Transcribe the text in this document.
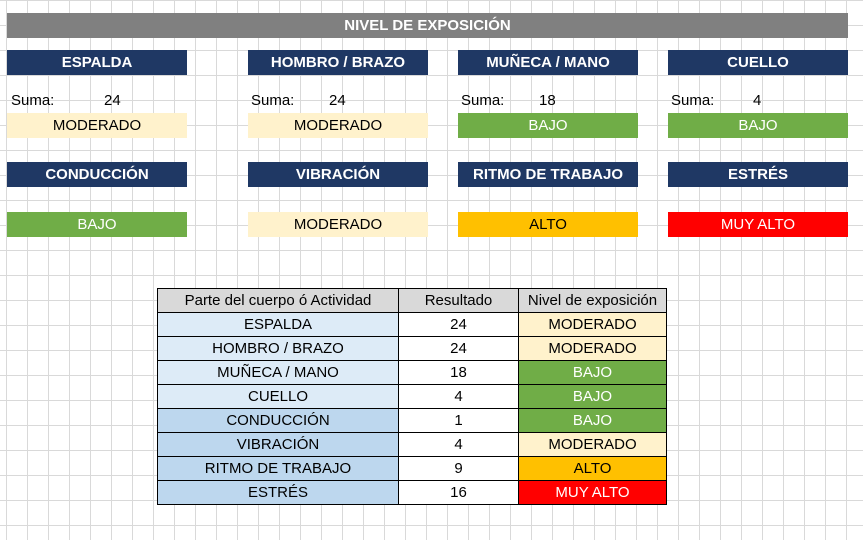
NIVEL DE EXPOSICIÓN
ESPALDA	HOMBRO / BRAZO	MUÑECA / MANO	CUELLO
Suma:	24	Suma: 24	Suma: 18	Suma:	4
MODERADO	MODERADO	BAJO	BAJO
CONDUCCIÓN	VIBRACIÓN	RITMO DE TRABAJO	ESTRÉS
BAJO	MODERADO	ALTO	MUY ALTO
Parte del cuerpo ó Actividad	Resultado	Nivel de exposición
ESPALDA	24	MODERADO
HOMBRO / BRAZO	24	MODERADO
MUÑECA / MANO	18	BAJO
CUELLO	4	BAJO
CONDUCCIÓN	1	BAJO
VIBRACIÓN	4	MODERADO
RITMO DE TRABAJO	9	ALTO
ESTRÉS	16	MUY ALTO
